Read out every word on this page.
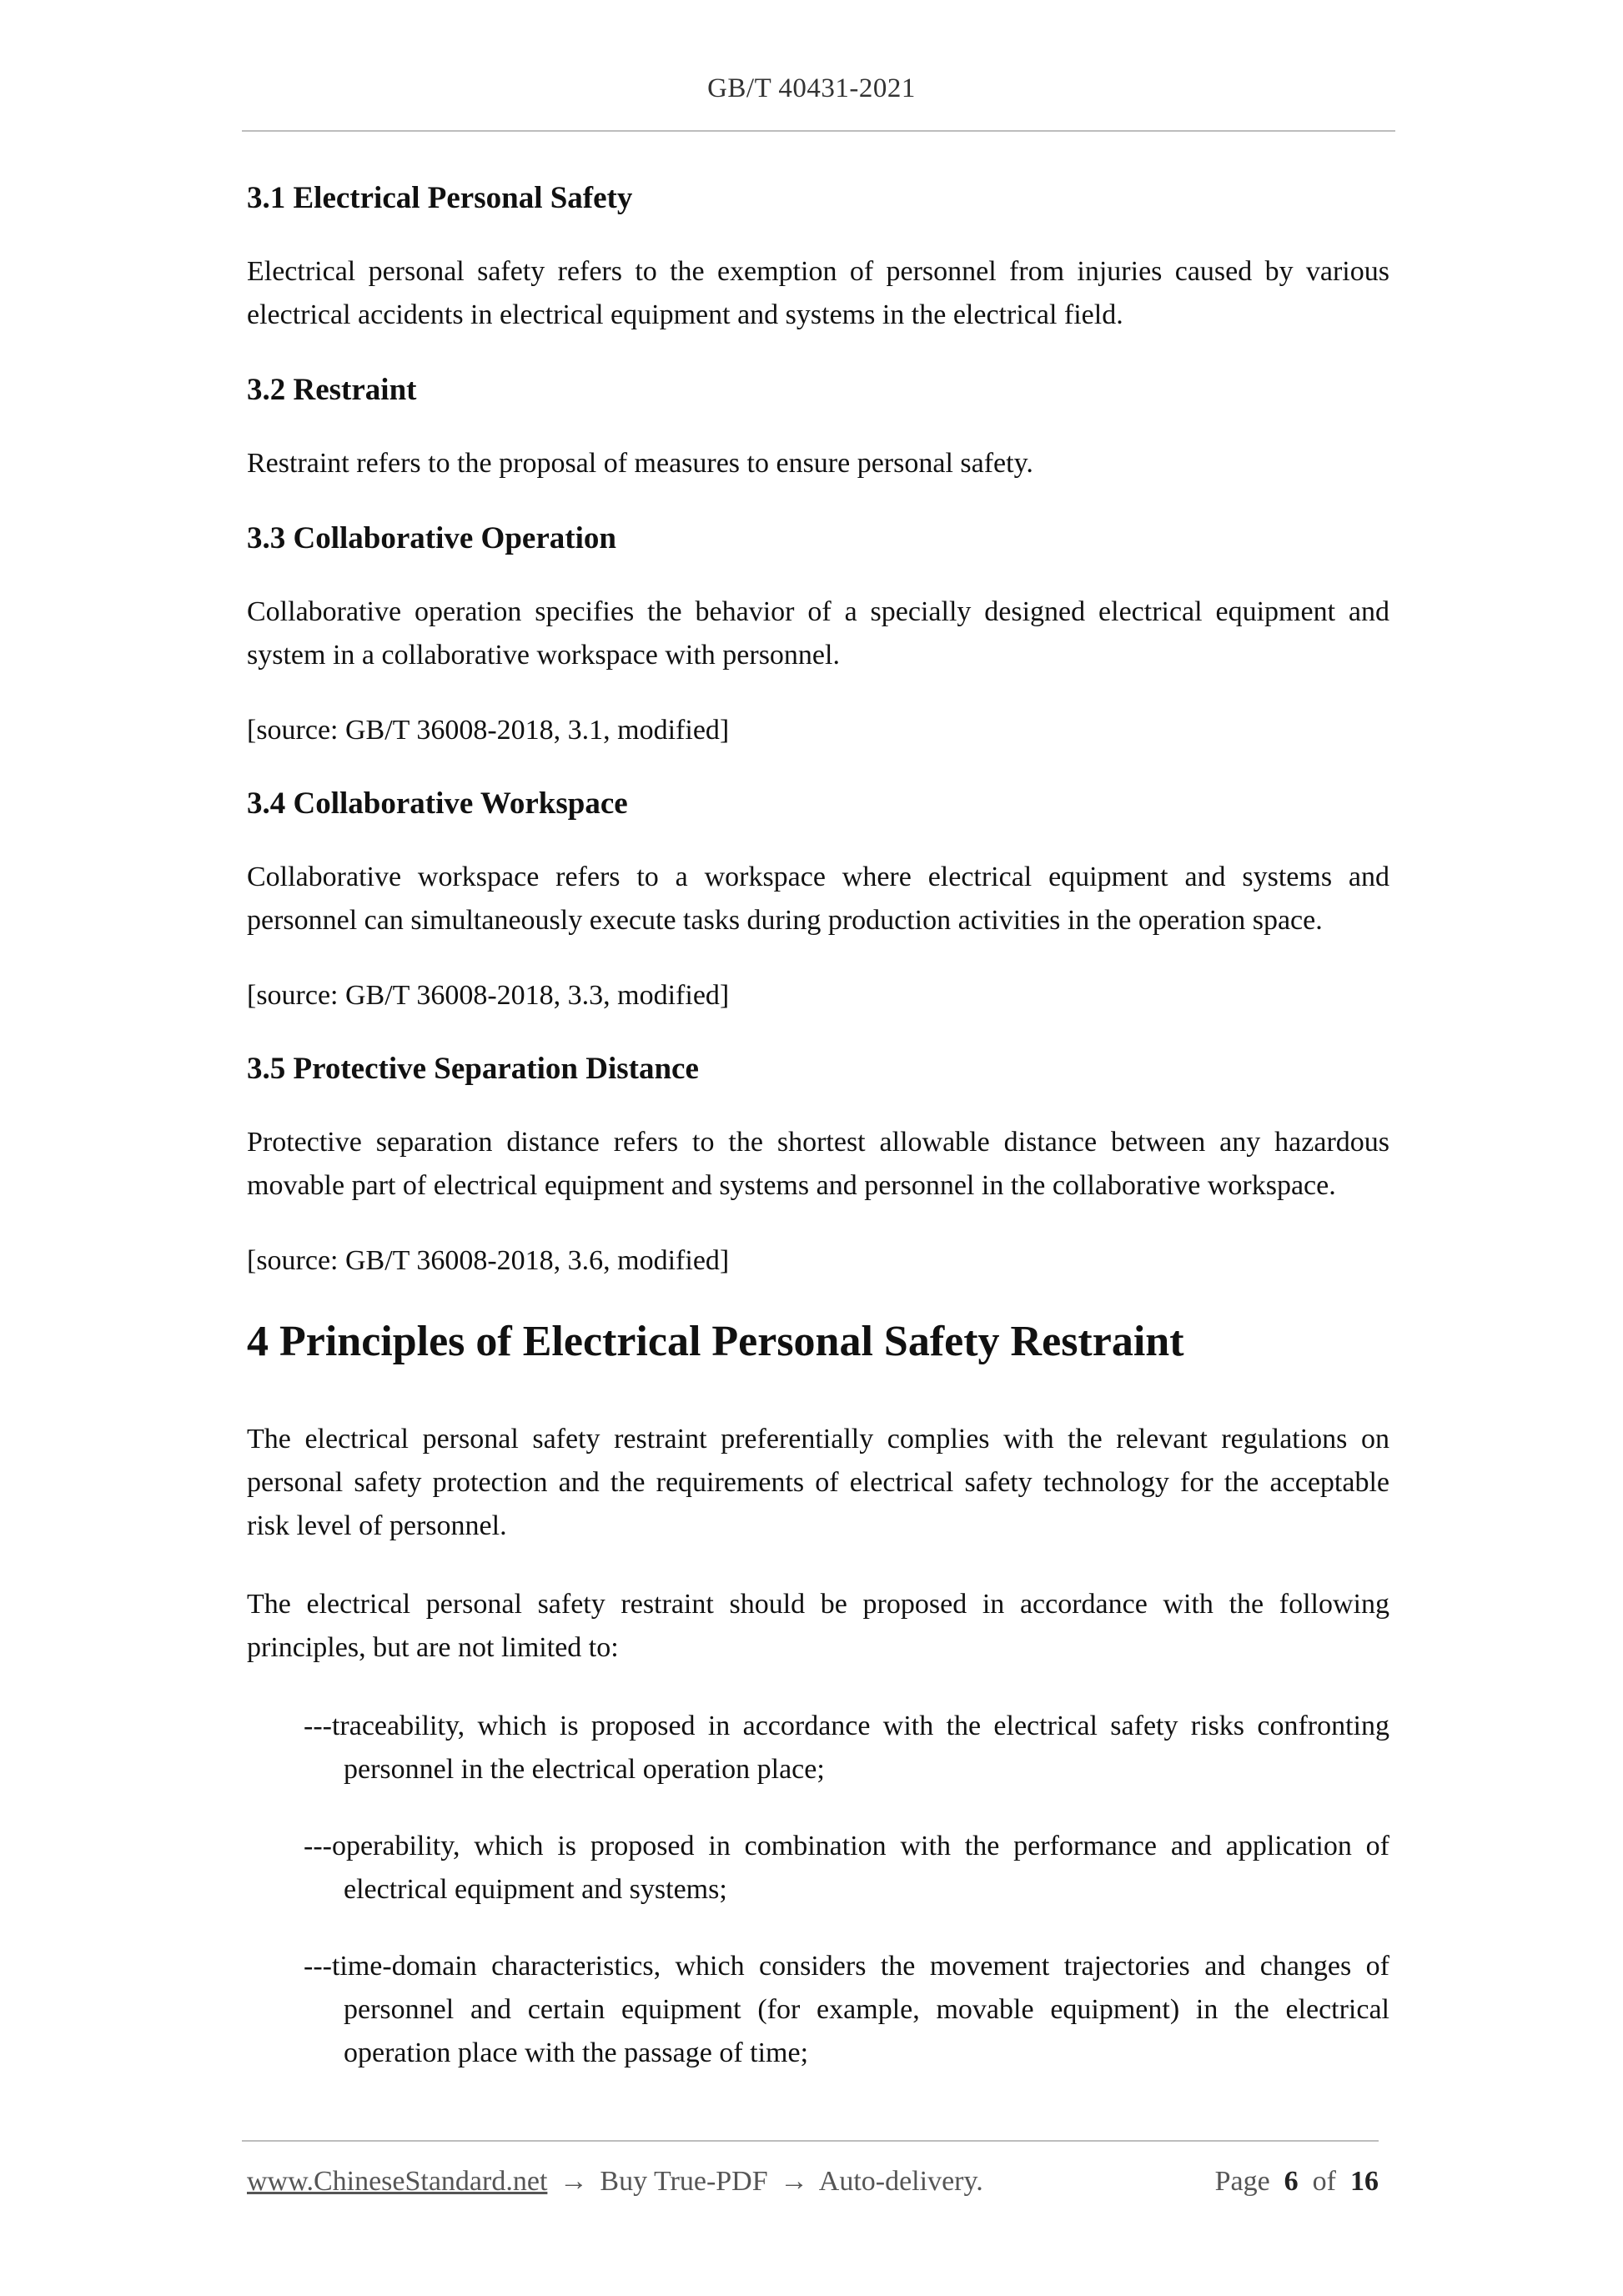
GB/T 40431-2021
3.1 Electrical Personal Safety
Electrical personal safety refers to the exemption of personnel from injuries caused by various electrical accidents in electrical equipment and systems in the electrical field.
3.2 Restraint
Restraint refers to the proposal of measures to ensure personal safety.
3.3 Collaborative Operation
Collaborative operation specifies the behavior of a specially designed electrical equipment and system in a collaborative workspace with personnel.
[source: GB/T 36008-2018, 3.1, modified]
3.4 Collaborative Workspace
Collaborative workspace refers to a workspace where electrical equipment and systems and personnel can simultaneously execute tasks during production activities in the operation space.
[source: GB/T 36008-2018, 3.3, modified]
3.5 Protective Separation Distance
Protective separation distance refers to the shortest allowable distance between any hazardous movable part of electrical equipment and systems and personnel in the collaborative workspace.
[source: GB/T 36008-2018, 3.6, modified]
4 Principles of Electrical Personal Safety Restraint
The electrical personal safety restraint preferentially complies with the relevant regulations on personal safety protection and the requirements of electrical safety technology for the acceptable risk level of personnel.
The electrical personal safety restraint should be proposed in accordance with the following principles, but are not limited to:
---traceability, which is proposed in accordance with the electrical safety risks confronting personnel in the electrical operation place;
---operability, which is proposed in combination with the performance and application of electrical equipment and systems;
---time-domain characteristics, which considers the movement trajectories and changes of personnel and certain equipment (for example, movable equipment) in the electrical operation place with the passage of time;
www.ChineseStandard.net → Buy True-PDF → Auto-delivery.	Page 6 of 16
